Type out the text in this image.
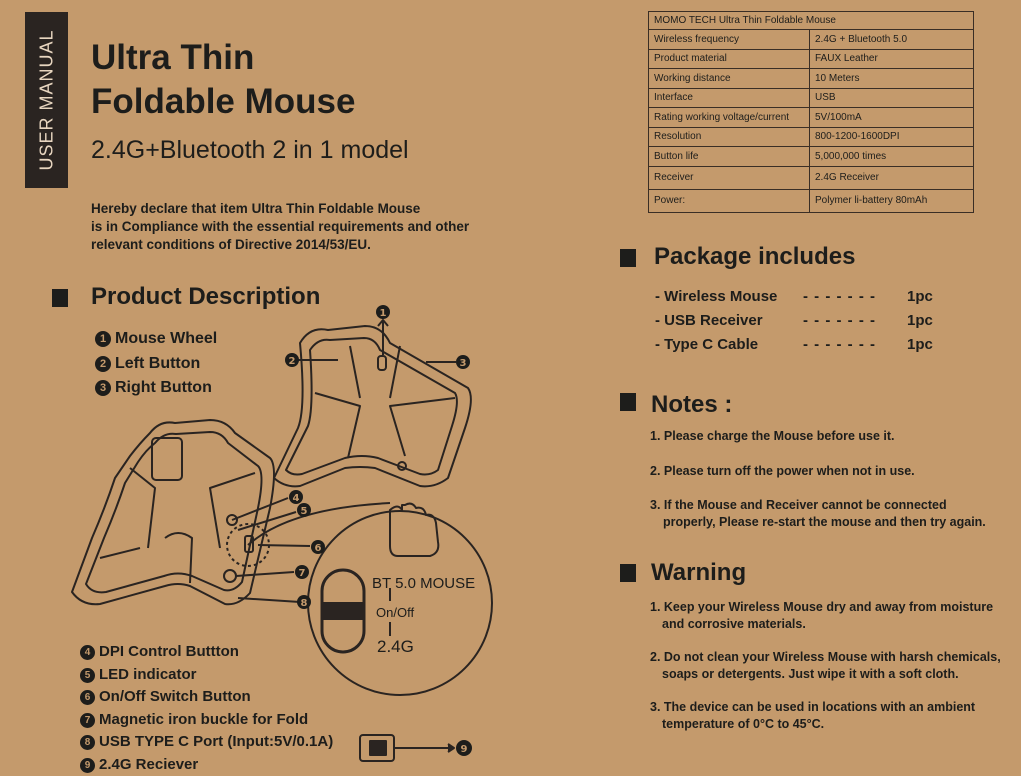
USER MANUAL Ultra Thin
Foldable Mouse
2.4G+Bluetooth 2 in 1 model
Hereby declare that item Ultra Thin Foldable Mouse
is in Compliance with the essential requirements and other
relevant conditions of Directive 2014/53/EU.
Product Description
1 Mouse Wheel
2 Left Button
3 Right Button
4 DPI Control Buttton
5 LED indicator
6 On/Off Switch Button
7 Magnetic iron buckle for Fold
8 USB TYPE C Port (Input:5V/0.1A)
9 2.4G Reciever
1
2	3
4
5
6
7
8
9
BT 5.0 MOUSE
On/Off
2.4G
MOMO TECH Ultra Thin Foldable Mouse	
Wireless frequency	2.4G + Bluetooth 5.0
Product material	FAUX Leather
Working distance	10 Meters
Interface	USB
Rating working voltage/current	5V/100mA
Resolution	800-1200-1600DPI
Button life	5,000,000 times
Receiver	2.4G Receiver
Power:	Polymer li-battery 80mAh
Package includes
- Wireless Mouse	- - - - - - -	1pc
- USB Receiver	- - - - - - -	1pc
- Type C Cable	- - - - - - -	1pc
Notes :

1. Please charge the Mouse before use it.

2. Please turn off the power when not in use.

3. If the Mouse and Receiver cannot be connected

properly, Please re-start the mouse and then try again.

Warning

1. Keep your Wireless Mouse dry and away from moisture

and corrosive materials.

2. Do not clean your Wireless Mouse with harsh chemicals,

soaps or detergents. Just wipe it with a soft cloth.

3. The device can be used in locations with an ambient

temperature of 0°C to 45°C.
